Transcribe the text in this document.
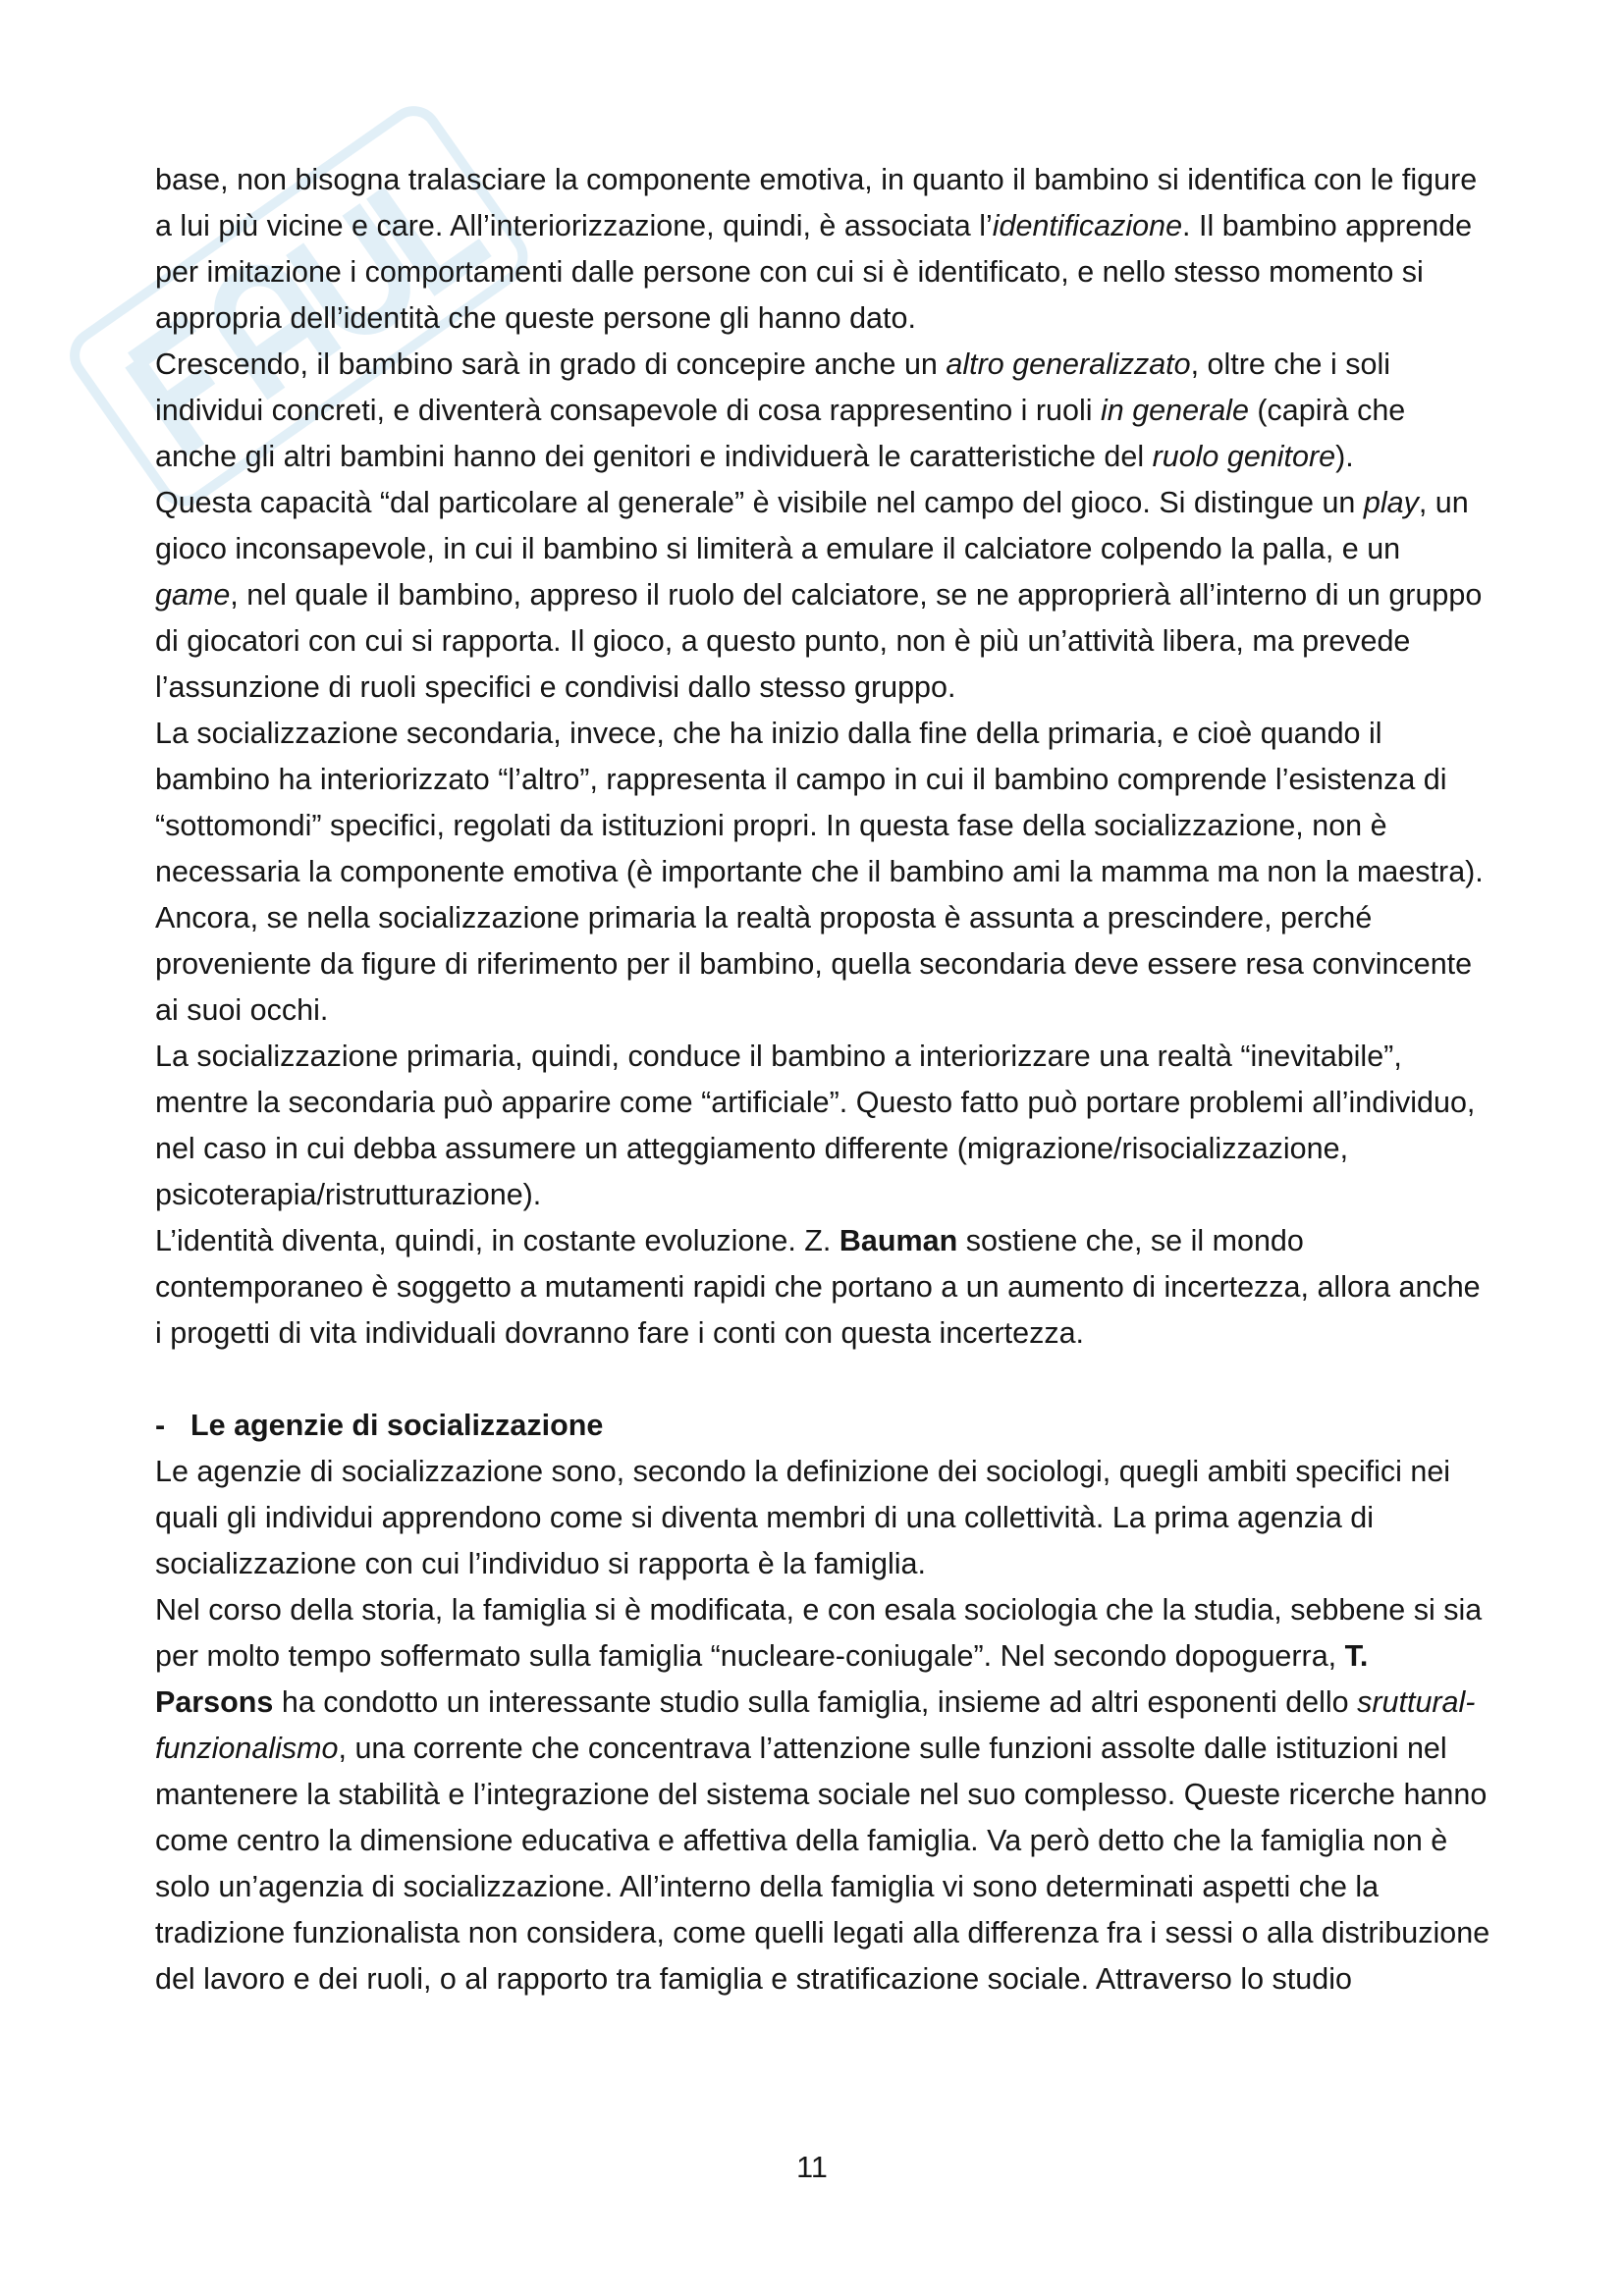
base, non bisogna tralasciare la componente emotiva, in quanto il bambino si identifica con le figure a lui più vicine e care. All’interiorizzazione, quindi, è associata l’identificazione. Il bambino apprende per imitazione i comportamenti dalle persone con cui si è identificato, e nello stesso momento si appropria dell’identità che queste persone gli hanno dato.

Crescendo, il bambino sarà in grado di concepire anche un altro generalizzato, oltre che i soli individui concreti, e diventerà consapevole di cosa rappresentino i ruoli in generale (capirà che anche gli altri bambini hanno dei genitori e individuerà le caratteristiche del ruolo genitore).

Questa capacità “dal particolare al generale” è visibile nel campo del gioco. Si distingue un play, un gioco inconsapevole, in cui il bambino si limiterà a emulare il calciatore colpendo la palla, e un game, nel quale il bambino, appreso il ruolo del calciatore, se ne approprierà all’interno di un gruppo di giocatori con cui si rapporta. Il gioco, a questo punto, non è più un’attività libera, ma prevede l’assunzione di ruoli specifici e condivisi dallo stesso gruppo.

La socializzazione secondaria, invece, che ha inizio dalla fine della primaria, e cioè quando il bambino ha interiorizzato “l’altro”, rappresenta il campo in cui il bambino comprende l’esistenza di “sottomondi” specifici, regolati da istituzioni propri. In questa fase della socializzazione, non è necessaria la componente emotiva (è importante che il bambino ami la mamma ma non la maestra). Ancora, se nella socializzazione primaria la realtà proposta è assunta a prescindere, perché proveniente da figure di riferimento per il bambino, quella secondaria deve essere resa convincente ai suoi occhi.

La socializzazione primaria, quindi, conduce il bambino a interiorizzare una realtà “inevitabile”, mentre la secondaria può apparire come “artificiale”. Questo fatto può portare problemi all’individuo, nel caso in cui debba assumere un atteggiamento differente (migrazione/risocializzazione, psicoterapia/ristrutturazione).

L’identità diventa, quindi, in costante evoluzione. Z. Bauman sostiene che, se il mondo contemporaneo è soggetto a mutamenti rapidi che portano a un aumento di incertezza, allora anche i progetti di vita individuali dovranno fare i conti con questa incertezza.

- Le agenzie di socializzazione

Le agenzie di socializzazione sono, secondo la definizione dei sociologi, quegli ambiti specifici nei quali gli individui apprendono come si diventa membri di una collettività. La prima agenzia di socializzazione con cui l’individuo si rapporta è la famiglia.

Nel corso della storia, la famiglia si è modificata, e con esala sociologia che la studia, sebbene si sia per molto tempo soffermato sulla famiglia “nucleare-coniugale”. Nel secondo dopoguerra, T. Parsons ha condotto un interessante studio sulla famiglia, insieme ad altri esponenti dello sruttural-funzionalismo, una corrente che concentrava l’attenzione sulle funzioni assolte dalle istituzioni nel mantenere la stabilità e l’integrazione del sistema sociale nel suo complesso. Queste ricerche hanno come centro la dimensione educativa e affettiva della famiglia. Va però detto che la famiglia non è solo un’agenzia di socializzazione. All’interno della famiglia vi sono determinati aspetti che la tradizione funzionalista non considera, come quelli legati alla differenza fra i sessi o alla distribuzione del lavoro e dei ruoli, o al rapporto tra famiglia e stratificazione sociale. Attraverso lo studio

11
